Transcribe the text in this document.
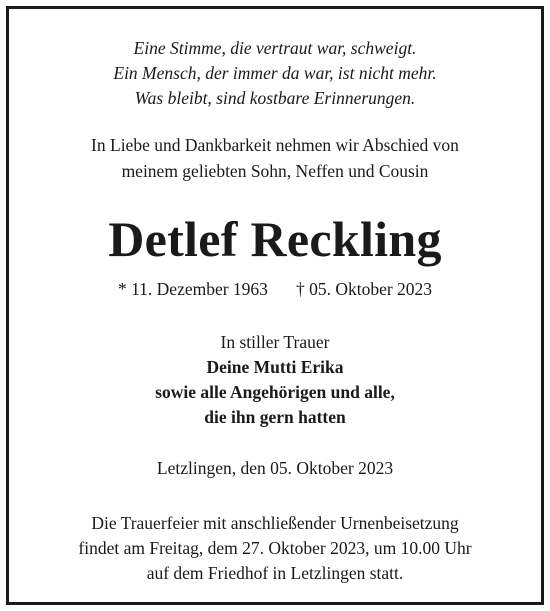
Eine Stimme, die vertraut war, schweigt.
Ein Mensch, der immer da war, ist nicht mehr.
Was bleibt, sind kostbare Erinnerungen.
In Liebe und Dankbarkeit nehmen wir Abschied von
meinem geliebten Sohn, Neffen und Cousin
Detlef Reckling
* 11. Dezember 1963 † 05. Oktober 2023
In stiller Trauer
Deine Mutti Erika
sowie alle Angehörigen und alle,
die ihn gern hatten
Letzlingen, den 05. Oktober 2023
Die Trauerfeier mit anschließender Urnenbeisetzung
findet am Freitag, dem 27. Oktober 2023, um 10.00 Uhr
auf dem Friedhof in Letzlingen statt.
